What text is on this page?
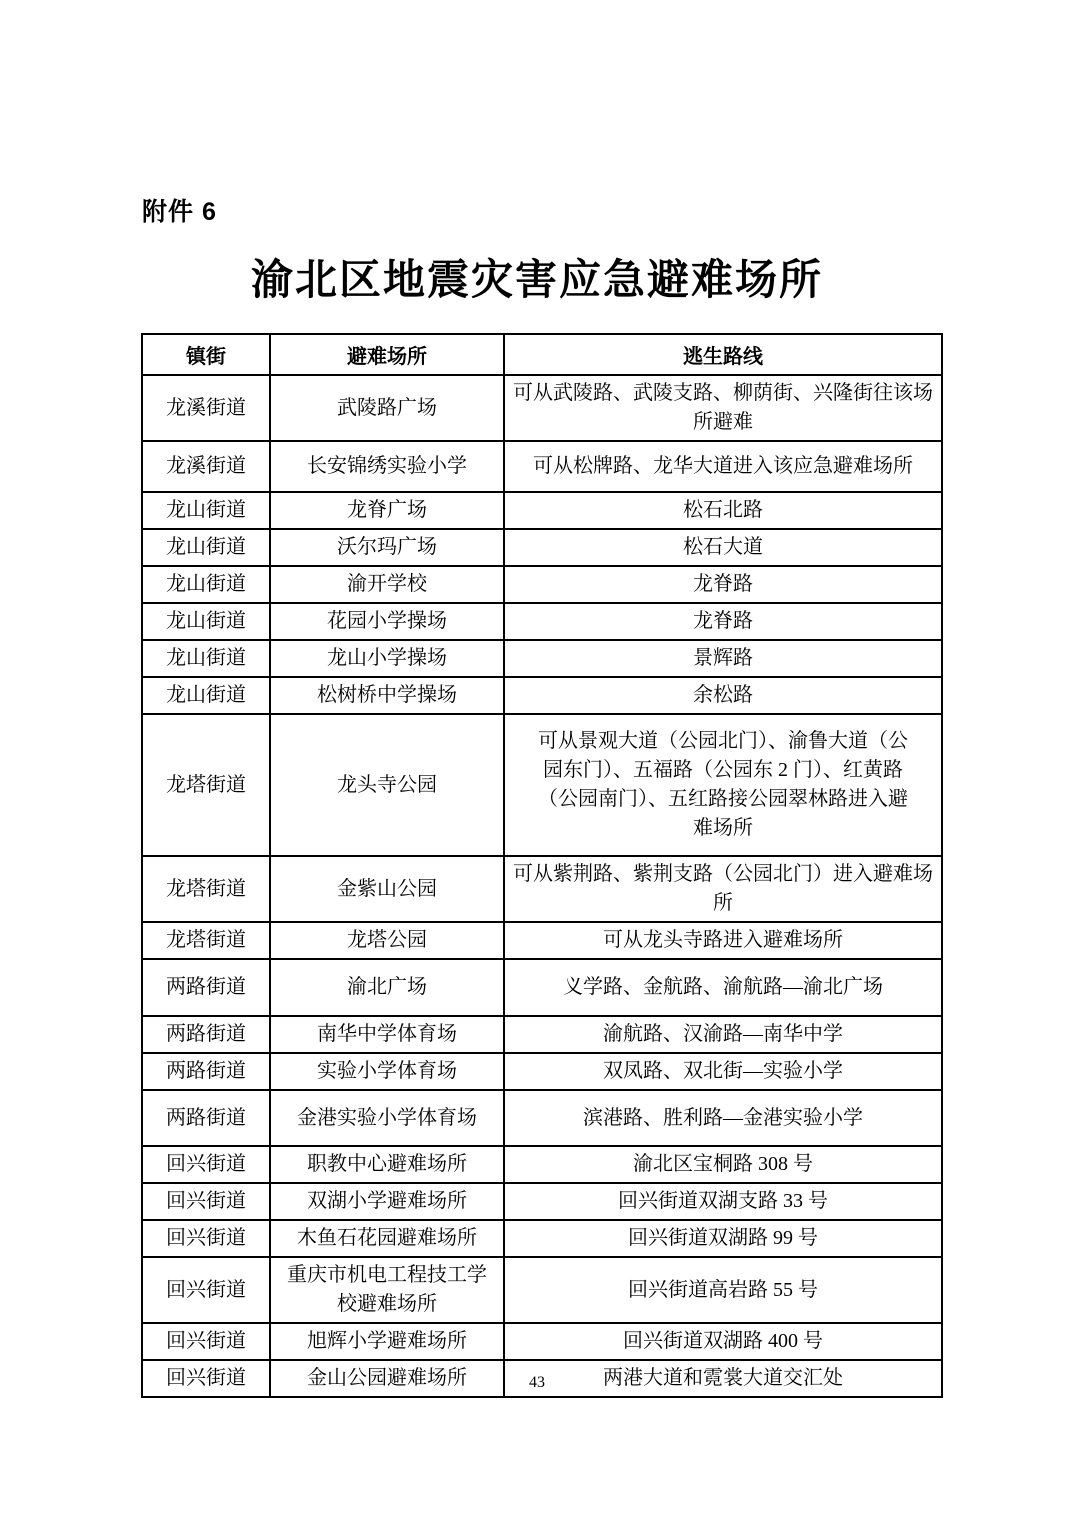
附件 6
渝北区地震灾害应急避难场所
镇街	避难场所	逃生路线
龙溪街道	武陵路广场	可从武陵路、武陵支路、柳荫街、兴隆街往该场所避难
龙溪街道	长安锦绣实验小学	可从松牌路、龙华大道进入该应急避难场所
龙山街道	龙脊广场	松石北路
龙山街道	沃尔玛广场	松石大道
龙山街道	渝开学校	龙脊路
龙山街道	花园小学操场	龙脊路
龙山街道	龙山小学操场	景辉路
龙山街道	松树桥中学操场	余松路
龙塔街道	龙头寺公园	可从景观大道（公园北门）、渝鲁大道（公园东门）、五福路（公园东 2 门）、红黄路（公园南门）、五红路接公园翠林路进入避难场所
龙塔街道	金紫山公园	可从紫荆路、紫荆支路（公园北门）进入避难场所
龙塔街道	龙塔公园	可从龙头寺路进入避难场所
两路街道	渝北广场	义学路、金航路、渝航路—渝北广场
两路街道	南华中学体育场	渝航路、汉渝路—南华中学
两路街道	实验小学体育场	双凤路、双北街—实验小学
两路街道	金港实验小学体育场	滨港路、胜利路—金港实验小学
回兴街道	职教中心避难场所	渝北区宝桐路 308 号
回兴街道	双湖小学避难场所	回兴街道双湖支路 33 号
回兴街道	木鱼石花园避难场所	回兴街道双湖路 99 号
回兴街道	重庆市机电工程技工学校避难场所	回兴街道高岩路 55 号
回兴街道	旭辉小学避难场所	回兴街道双湖路 400 号
回兴街道	金山公园避难场所	两港大道和霓裳大道交汇处
43
